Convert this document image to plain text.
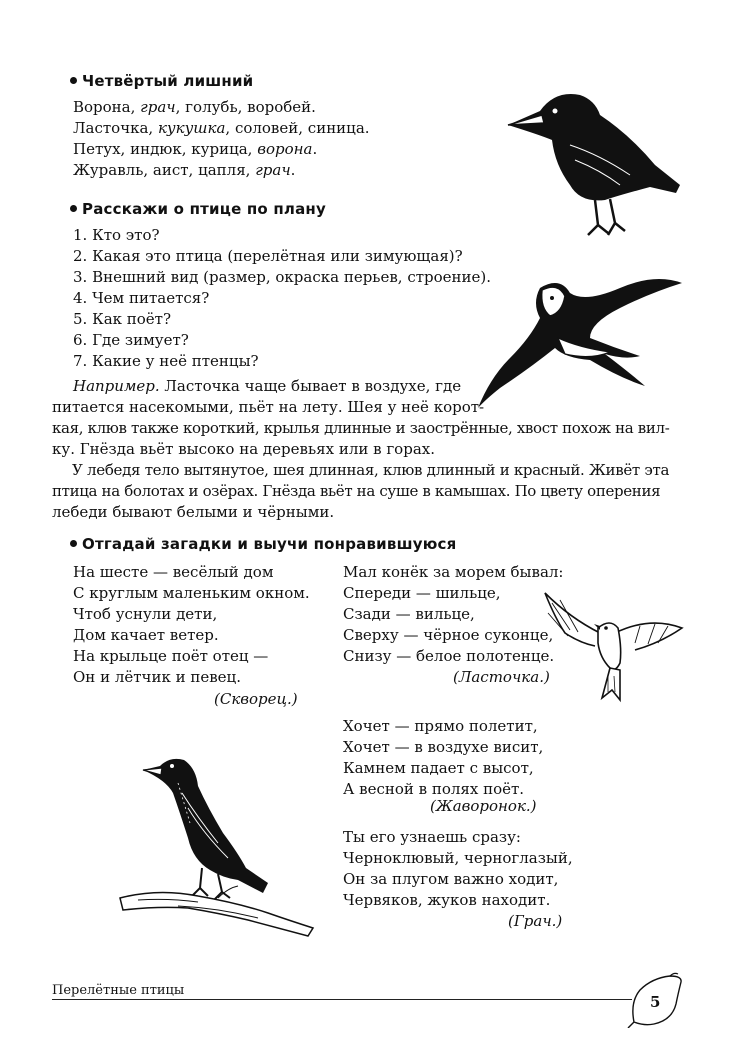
Четвёртый лишний
Ворона, грач, голубь, воробей.
Ласточка, кукушка, соловей, синица.
Петух, индюк, курица, ворона.
Журавль, аист, цапля, грач.
Расскажи о птице по плану
1. Кто это?
2. Какая это птица (перелётная или зимующая)?
3. Внешний вид (размер, окраска перьев, строение).
4. Чем питается?
5. Как поёт?
6. Где зимует?
7. Какие у неё птенцы?
Например. Ласточка чаще бывает в воздухе, где
питается насекомыми, пьёт на лету. Шея у неё корот-
кая, клюв также короткий, крылья длинные и заострённые, хвост похож на вил-
ку. Гнёзда вьёт высоко на деревьях или в горах.
У лебедя тело вытянутое, шея длинная, клюв длинный и красный. Живёт эта
птица на болотах и озёрах. Гнёзда вьёт на суше в камышах. По цвету оперения
лебеди бывают белыми и чёрными.
Отгадай загадки и выучи понравившуюся
На шесте — весёлый дом
С круглым маленьким окном.
Чтоб уснули дети,
Дом качает ветер.
На крыльце поёт отец —
Он и лётчик и певец.
(Скворец.)
Мал конёк за морем бывал:
Спереди — шильце,
Сзади — вильце,
Сверху — чёрное суконце,
Снизу — белое полотенце.
(Ласточка.)
Хочет — прямо полетит,
Хочет — в воздухе висит,
Камнем падает с высот,
А весной в полях поёт.
(Жаворонок.)
Ты его узнаешь сразу:
Черноклювый, черноглазый,
Он за плугом важно ходит,
Червяков, жуков находит.
(Грач.)
Перелётные птицы
5
